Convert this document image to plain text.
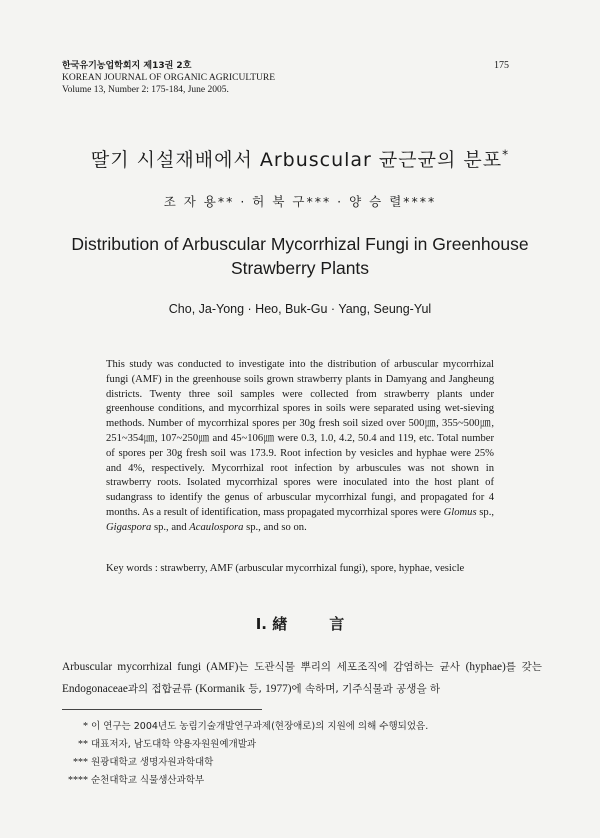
한국유기농업학회지 제13권 2호
KOREAN JOURNAL OF ORGANIC AGRICULTURE
Volume 13, Number 2: 175-184, June 2005.
175
딸기 시설재배에서 Arbuscular 균근균의 분포*
조 자 용** · 허 북 구*** · 양 승 렬****
Distribution of Arbuscular Mycorrhizal Fungi in Greenhouse
Strawberry Plants
Cho, Ja-Yong · Heo, Buk-Gu · Yang, Seung-Yul
This study was conducted to investigate into the distribution of arbuscular mycorrhizal fungi (AMF) in the greenhouse soils grown strawberry plants in Damyang and Jangheung districts. Twenty three soil samples were collected from strawberry plants under greenhouse conditions, and mycorrhizal spores in soils were separated using wet-sieving methods. Number of mycorrhizal spores per 30g fresh soil sized over 500㎛, 355~500㎛, 251~354㎛, 107~250㎛ and 45~106㎛ were 0.3, 1.0, 4.2, 50.4 and 119, etc. Total number of spores per 30g fresh soil was 173.9. Root infection by vesicles and hyphae were 25% and 4%, respectively. Mycorrhizal root infection by arbuscules was not shown in strawberry roots. Isolated mycorrhizal spores were inoculated into the host plant of sudangrass to identify the genus of arbuscular mycorrhizal fungi, and propagated for 4 months. As a result of identification, mass propagated mycorrhizal spores were Glomus sp., Gigaspora sp., and Acaulospora sp., and so on.
Key words : strawberry, AMF (arbuscular mycorrhizal fungi), spore, hyphae, vesicle
Ⅰ. 緖	言
Arbuscular mycorrhizal fungi (AMF)는 도관식물 뿌리의 세포조직에 감염하는 균사 (hyphae)를 갖는 Endogonaceae과의 접합균류 (Kormanik 등, 1977)에 속하며, 기주식물과 공생을 하
* 이 연구는 2004년도 농림기술개발연구과제(현장애로)의 지원에 의해 수행되었음.
** 대표저자, 남도대학 약용자원원예개발과
*** 원광대학교 생명자원과학대학
**** 순천대학교 식물생산과학부
